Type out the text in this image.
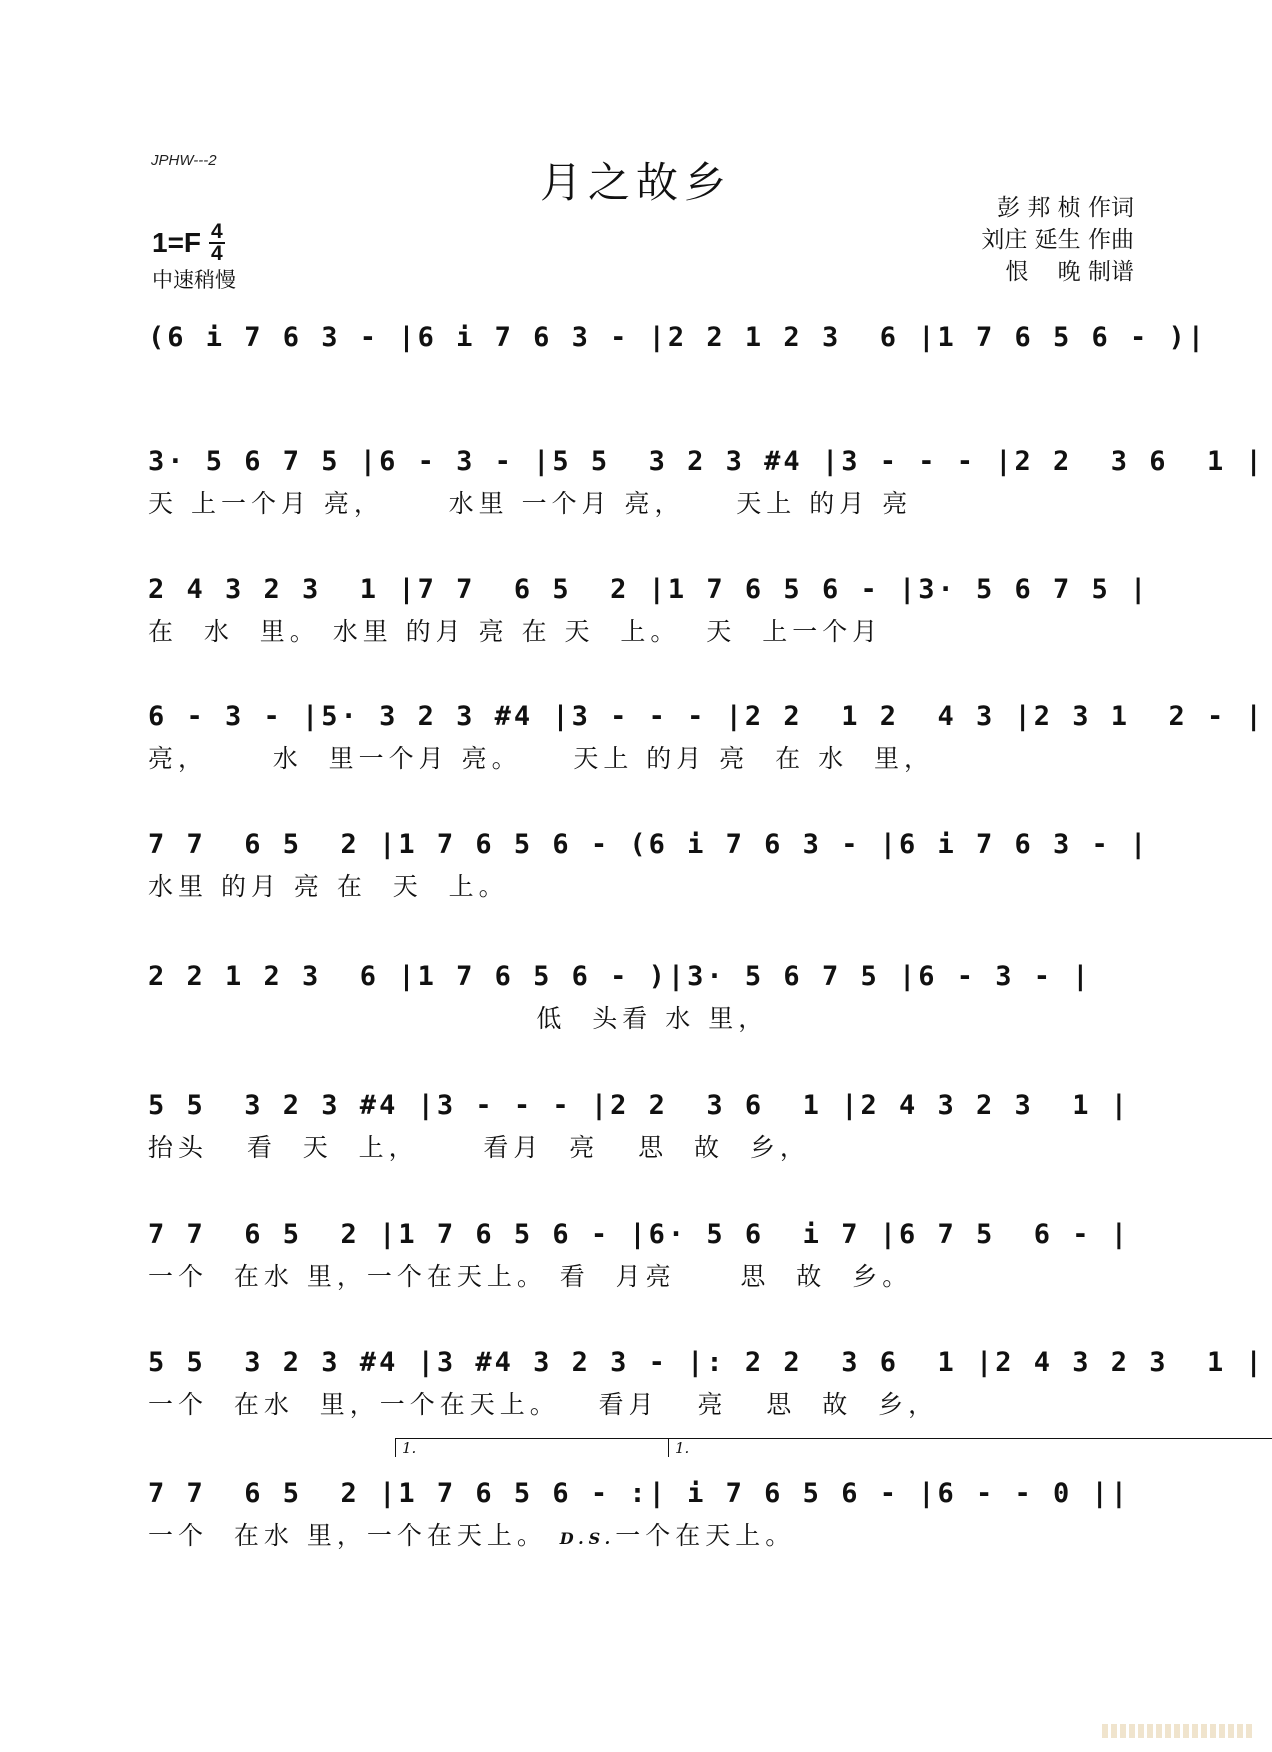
JPHW---2	月之故乡
彭 邦 桢 作词
刘庄 延生 作曲
恨    晚 制谱
1=F 4
4
中速稍慢
(6 i 7 6 3 - |6 i 7 6 3 - |2 2 1 2 3  6 |1 7 6 5 6 - )|
3· 5 6 7 5 |6 - 3 - |5 5  3 2 3 #4 |3 - - - |2 2  3 6  1 |
天 上一个月 亮，     水里 一个月 亮，    天上 的月 亮
2 4 3 2 3  1 |7 7  6 5  2 |1 7 6 5 6 - |3· 5 6 7 5 |
在  水  里。 水里 的月 亮 在 天  上。  天  上一个月
6 - 3 - |5· 3 2 3 #4 |3 - - - |2 2  1 2  4 3 |2 3 1  2 - |
亮，     水  里一个月 亮。    天上 的月 亮  在 水  里，
7 7  6 5  2 |1 7 6 5 6 - (6 i 7 6 3 - |6 i 7 6 3 - |
水里 的月 亮 在  天  上。
2 2 1 2 3  6 |1 7 6 5 6 - )|3· 5 6 7 5 |6 - 3 - |
低  头看 水 里，
5 5  3 2 3 #4 |3 - - - |2 2  3 6  1 |2 4 3 2 3  1 |
抬头   看  天  上，     看月  亮   思  故  乡，
7 7  6 5  2 |1 7 6 5 6 - |6· 5 6  i 7 |6 7 5  6 - |
一个  在水 里，一个在天上。 看  月亮     思  故  乡。
5 5  3 2 3 #4 |3 #4 3 2 3 - |: 2 2  3 6  1 |2 4 3 2 3  1 |
一个  在水  里，一个在天上。   看月   亮   思  故  乡，
1.	1.
7 7  6 5  2 |1 7 6 5 6 - :| i 7 6 5 6 - |6 - - 0 ||
一个  在水 里，一个在天上。 D.S.一个在天上。
